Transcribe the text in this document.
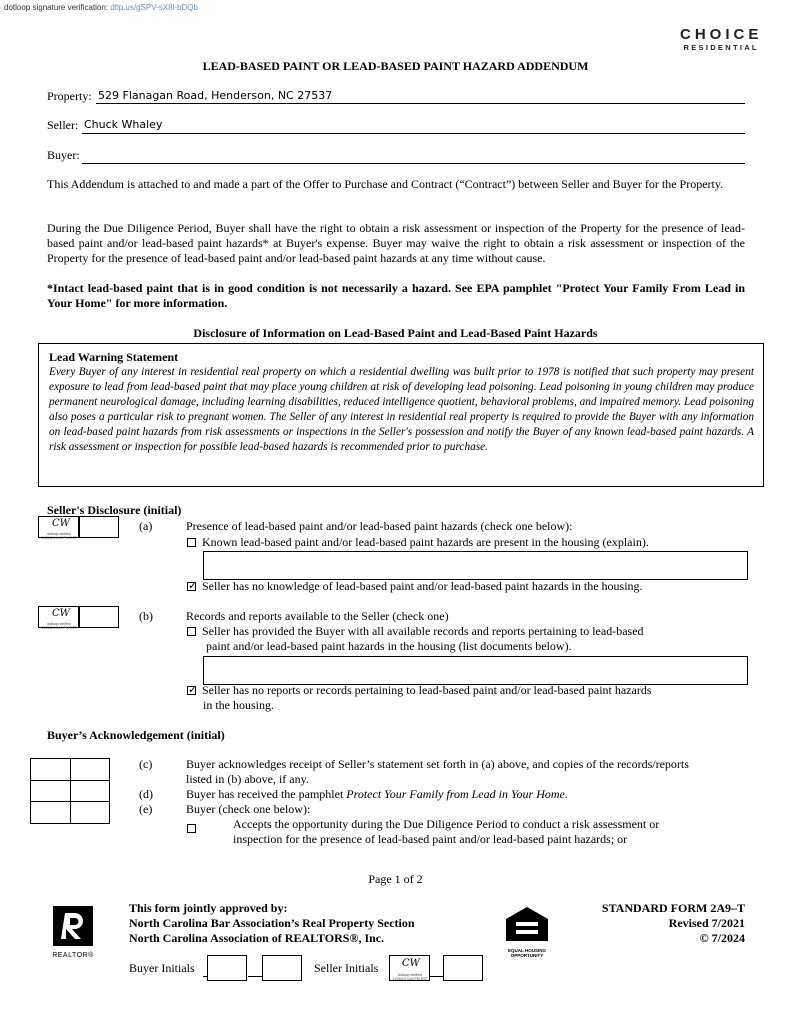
dotloop signature verification: dtlp.us/gSPV-sX8l-bDQb
CHOICE
RESIDENTIAL
LEAD-BASED PAINT OR LEAD-BASED PAINT HAZARD ADDENDUM
Property: 529 Flanagan Road, Henderson, NC 27537
Seller: Chuck Whaley
Buyer:
This Addendum is attached to and made a part of the Offer to Purchase and Contract (“Contract”) between Seller and Buyer for the Property.
During the Due Diligence Period, Buyer shall have the right to obtain a risk assessment or inspection of the Property for the presence of lead-based paint and/or lead-based paint hazards* at Buyer's expense. Buyer may waive the right to obtain a risk assessment or inspection of the Property for the presence of lead-based paint and/or lead-based paint hazards at any time without cause.
*Intact lead-based paint that is in good condition is not necessarily a hazard. See EPA pamphlet "Protect Your Family From Lead in Your Home" for more information.
Disclosure of Information on Lead-Based Paint and Lead-Based Paint Hazards
Lead Warning Statement
Every Buyer of any interest in residential real property on which a residential dwelling was built prior to 1978 is notified that such property may present exposure to lead from lead-based paint that may place young children at risk of developing lead poisoning. Lead poisoning in young children may produce permanent neurological damage, including learning disabilities, reduced intelligence quotient, behavioral problems, and impaired memory. Lead poisoning also poses a particular risk to pregnant women. The Seller of any interest in residential real property is required to provide the Buyer with any information on lead-based paint hazards from risk assessments or inspections in the Seller's possession and notify the Buyer of any known lead-based paint hazards. A risk assessment or inspection for possible lead-based hazards is recommended prior to purchase.
Seller's Disclosure (initial)
CW
dotloop verified 11/26/24 4:40 PM EST
(a)	Presence of lead-based paint and/or lead-based paint hazards (check one below):
Known lead-based paint and/or lead-based paint hazards are present in the housing (explain).
✓Seller has no knowledge of lead-based paint and/or lead-based paint hazards in the housing.
CW
dotloop verified 11/26/24 4:40 PM EST
(b)	Records and reports available to the Seller (check one)
Seller has provided the Buyer with all available records and reports pertaining to lead-based
paint and/or lead-based paint hazards in the housing (list documents below).
✓Seller has no reports or records pertaining to lead-based paint and/or lead-based paint hazards
in the housing.
Buyer’s Acknowledgement (initial)
(c)	Buyer acknowledges receipt of Seller’s statement set forth in (a) above, and copies of the records/reports
listed in (b) above, if any.
(d)	Buyer has received the pamphlet Protect Your Family from Lead in Your Home.
(e)	Buyer (check one below):
Accepts the opportunity during the Due Diligence Period to conduct a risk assessment or
inspection for the presence of lead-based paint and/or lead-based paint hazards; or
Page 1 of 2
REALTOR®
This form jointly approved by:
North Carolina Bar Association’s Real Property Section
North Carolina Association of REALTORS®, Inc.
EQUAL HOUSING OPPORTUNITY
STANDARD FORM 2A9–T
Revised 7/2021
© 7/2024
Buyer Initials	Seller Initials CW
dotloop verified 11/26/24 4:40 PM EST
